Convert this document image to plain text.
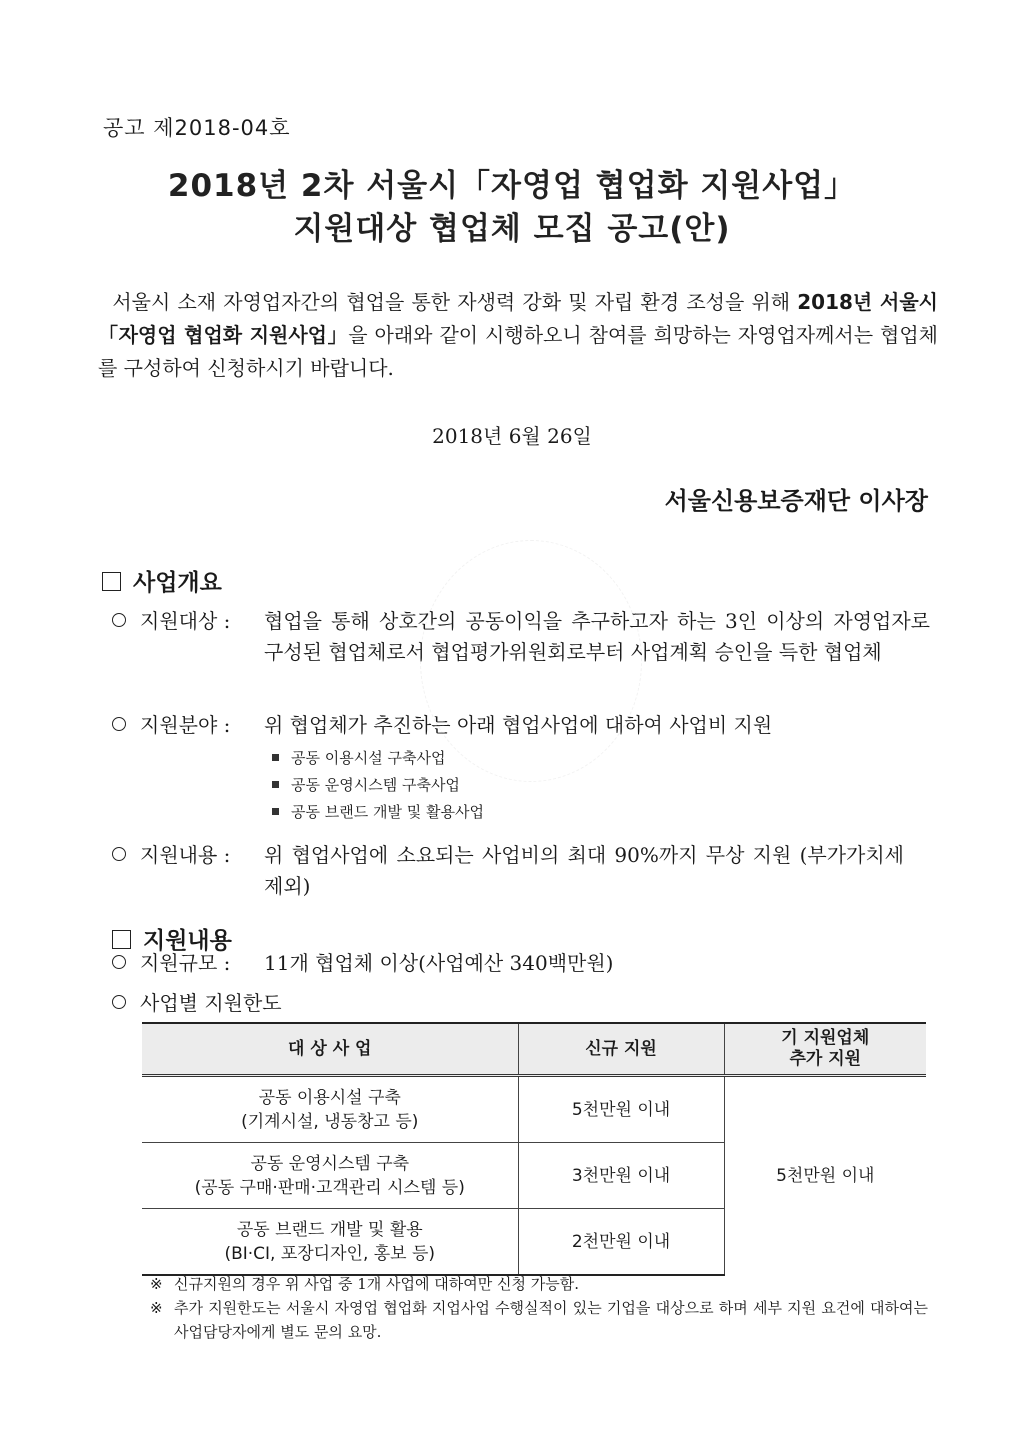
공고 제2018-04호
2018년 2차 서울시「자영업 협업화 지원사업」
지원대상 협업체 모집 공고(안)
서울시 소재 자영업자간의 협업을 통한 자생력 강화 및 자립 환경 조성을 위해 2018년 서울시「자영업 협업화 지원사업」을 아래와 같이 시행하오니 참여를 희망하는 자영업자께서는 협업체를 구성하여 신청하시기 바랍니다.
2018년 6월 26일
서울신용보증재단 이사장
사업개요
지원대상 : 협업을 통해 상호간의 공동이익을 추구하고자 하는 3인 이상의 자영업자로 구성된 협업체로서 협업평가위원회로부터 사업계획 승인을 득한 협업체
지원분야 : 위 협업체가 추진하는 아래 협업사업에 대하여 사업비 지원
공동 이용시설 구축사업
공동 운영시스템 구축사업
공동 브랜드 개발 및 활용사업
지원내용 : 위 협업사업에 소요되는 사업비의 최대 90%까지 무상 지원 (부가가치세 제외)
지원내용
지원규모 : 11개 협업체 이상(사업예산 340백만원)
사업별 지원한도
대 상 사 업	신규 지원	기 지원업체
추가 지원
공동 이용시설 구축
(기계시설, 냉동창고 등)	5천만원 이내	5천만원 이내
공동 운영시스템 구축
(공동 구매·판매·고객관리 시스템 등)	3천만원 이내	
공동 브랜드 개발 및 활용
(BI·CI, 포장디자인, 홍보 등)	2천만원 이내	
※ 신규지원의 경우 위 사업 중 1개 사업에 대하여만 신청 가능함.
※ 추가 지원한도는 서울시 자영업 협업화 지업사업 수행실적이 있는 기업을 대상으로 하며 세부 지원 요건에 대하여는 사업담당자에게 별도 문의 요망.
